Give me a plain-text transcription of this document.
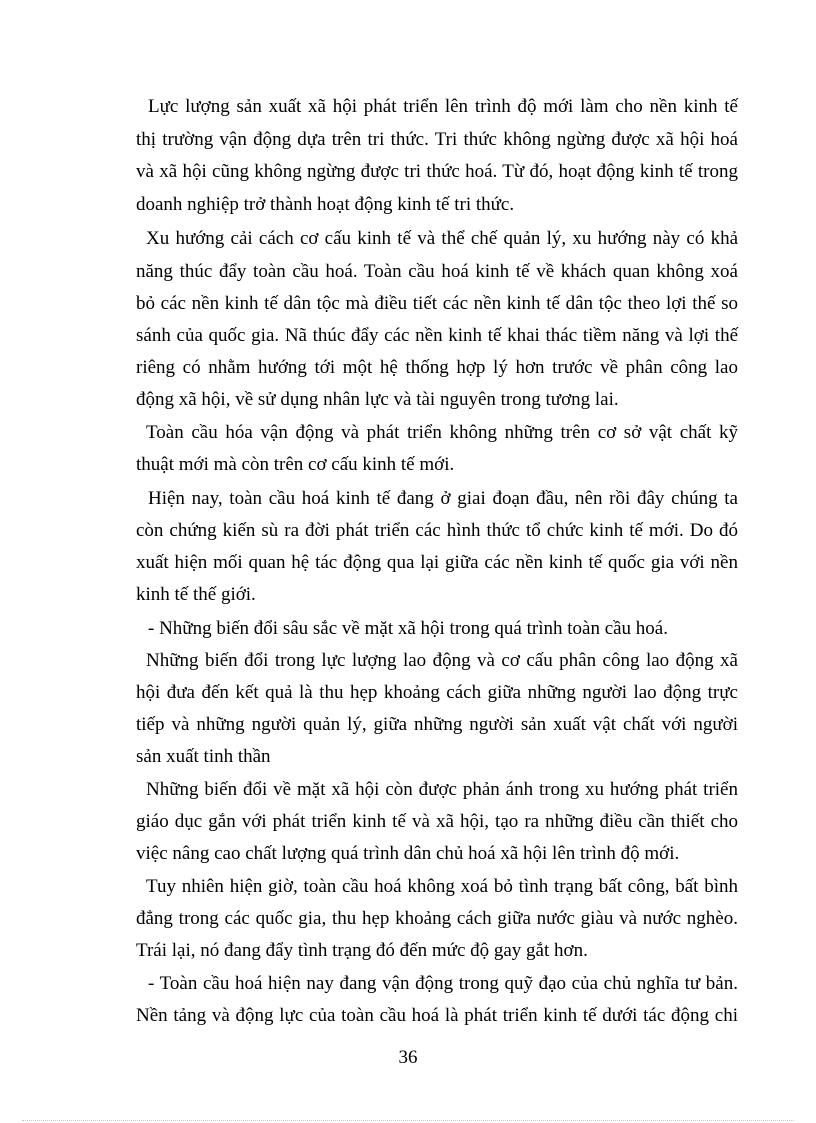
Lực lượng sản xuất xã hội phát triển lên trình độ mới làm cho nền kinh tế
thị trường vận động dựa trên tri thức. Tri thức không ngừng được xã hội hoá
và xã hội cũng không ngừng được tri thức hoá. Từ đó, hoạt động kinh tế trong
doanh nghiệp trở thành hoạt động kinh tế tri thức.
Xu hướng cải cách cơ cấu kinh tế và thể chế quản lý, xu hướng này có khả
năng thúc đẩy toàn cầu hoá. Toàn cầu hoá kinh tế về khách quan không xoá
bỏ các nền kinh tế dân tộc mà điều tiết các nền kinh tế dân tộc theo lợi thế so
sánh của quốc gia. Nã thúc đẩy các nền kinh tế khai thác tiềm năng và lợi thế
riêng có nhằm hướng tới một hệ thống hợp lý hơn trước về phân công lao
động xã hội, về sử dụng nhân lực và tài nguyên trong tương lai.
Toàn cầu hóa vận động và phát triển không những trên cơ sở vật chất kỹ
thuật mới mà còn trên cơ cấu kinh tế mới.
Hiện nay, toàn cầu hoá kinh tế đang ở giai đoạn đầu, nên rồi đây chúng ta
còn chứng kiến sù ra đời phát triển các hình thức tổ chức kinh tế mới. Do đó
xuất hiện mối quan hệ tác động qua lại giữa các nền kinh tế quốc gia với nền
kinh tế thế giới.
- Những biến đổi sâu sắc về mặt xã hội trong quá trình toàn cầu hoá.
Những biến đổi trong lực lượng lao động và cơ cấu phân công lao động xã
hội đưa đến kết quả là thu hẹp khoảng cách giữa những người lao động trực
tiếp và những người quản lý, giữa những người sản xuất vật chất với người
sản xuất tinh thần
Những biến đổi về mặt xã hội còn được phản ánh trong xu hướng phát triển
giáo dục gắn với phát triển kinh tế và xã hội, tạo ra những điều cần thiết cho
việc nâng cao chất lượng quá trình dân chủ hoá xã hội lên trình độ mới.
Tuy nhiên hiện giờ, toàn cầu hoá không xoá bỏ tình trạng bất công, bất bình
đẳng trong các quốc gia, thu hẹp khoảng cách giữa nước giàu và nước nghèo.
Trái lại, nó đang đẩy tình trạng đó đến mức độ gay gắt hơn.
- Toàn cầu hoá hiện nay đang vận động trong quỹ đạo của chủ nghĩa tư bản.
Nền tảng và động lực của toàn cầu hoá là phát triển kinh tế dưới tác động chi
36
